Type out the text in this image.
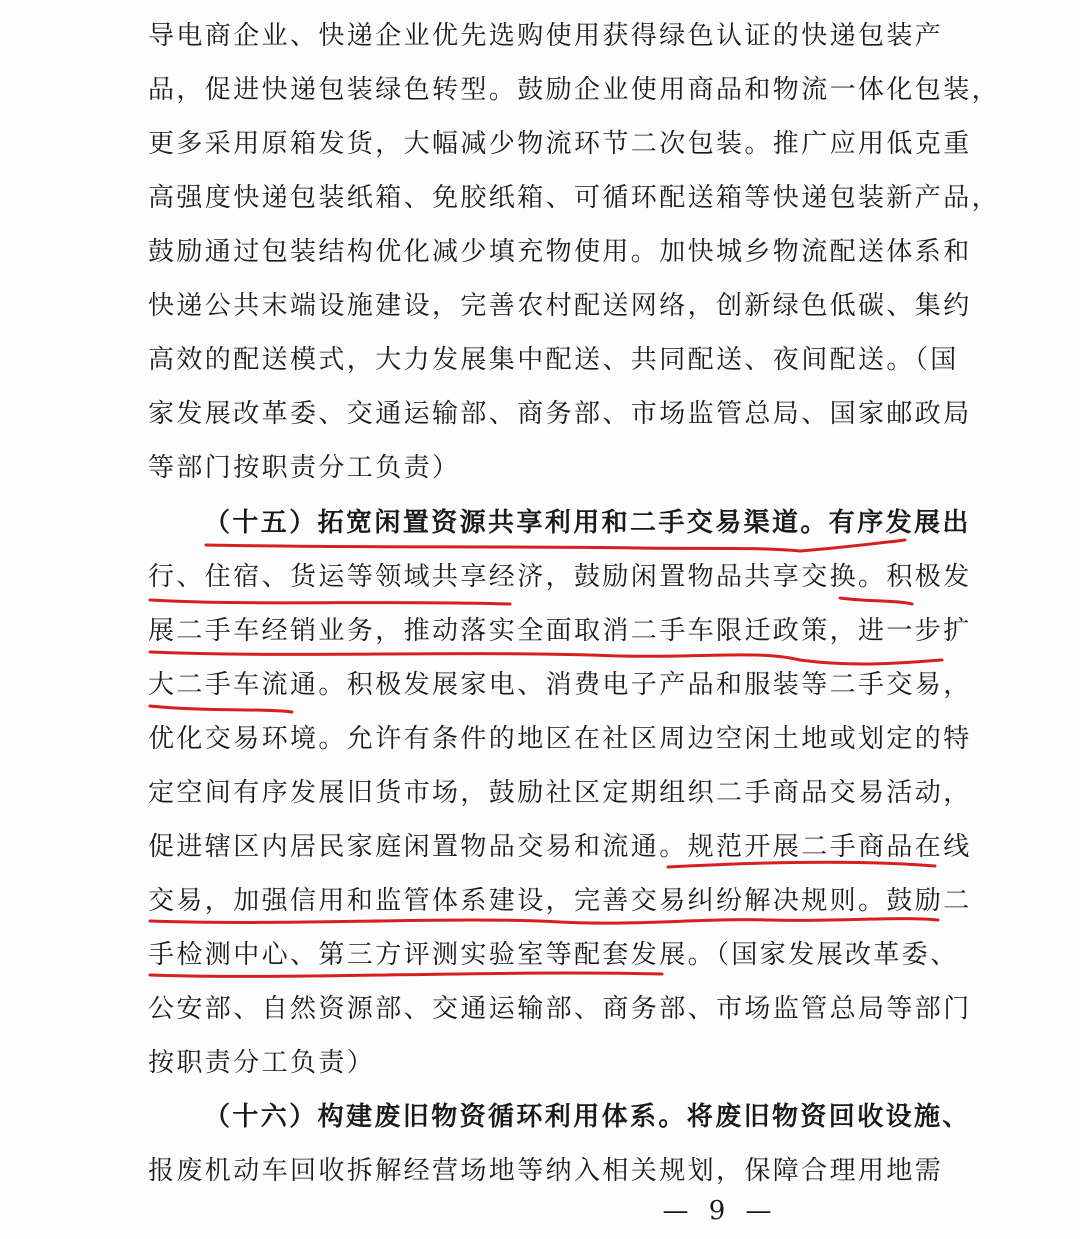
导电商企业、快递企业优先选购使用获得绿色认证的快递包装产
品，促进快递包装绿色转型。鼓励企业使用商品和物流一体化包装，
更多采用原箱发货，大幅减少物流环节二次包装。推广应用低克重
高强度快递包装纸箱、免胶纸箱、可循环配送箱等快递包装新产品，
鼓励通过包装结构优化减少填充物使用。加快城乡物流配送体系和
快递公共末端设施建设，完善农村配送网络，创新绿色低碳、集约
高效的配送模式，大力发展集中配送、共同配送、夜间配送。（国
家发展改革委、交通运输部、商务部、市场监管总局、国家邮政局
等部门按职责分工负责）
（十五）拓宽闲置资源共享利用和二手交易渠道。有序发展出
行、住宿、货运等领域共享经济，鼓励闲置物品共享交换。积极发
展二手车经销业务，推动落实全面取消二手车限迁政策，进一步扩
大二手车流通。积极发展家电、消费电子产品和服装等二手交易，
优化交易环境。允许有条件的地区在社区周边空闲土地或划定的特
定空间有序发展旧货市场，鼓励社区定期组织二手商品交易活动，
促进辖区内居民家庭闲置物品交易和流通。规范开展二手商品在线
交易，加强信用和监管体系建设，完善交易纠纷解决规则。鼓励二
手检测中心、第三方评测实验室等配套发展。（国家发展改革委、
公安部、自然资源部、交通运输部、商务部、市场监管总局等部门
按职责分工负责）
（十六）构建废旧物资循环利用体系。将废旧物资回收设施、
报废机动车回收拆解经营场地等纳入相关规划，保障合理用地需
— 9 —
